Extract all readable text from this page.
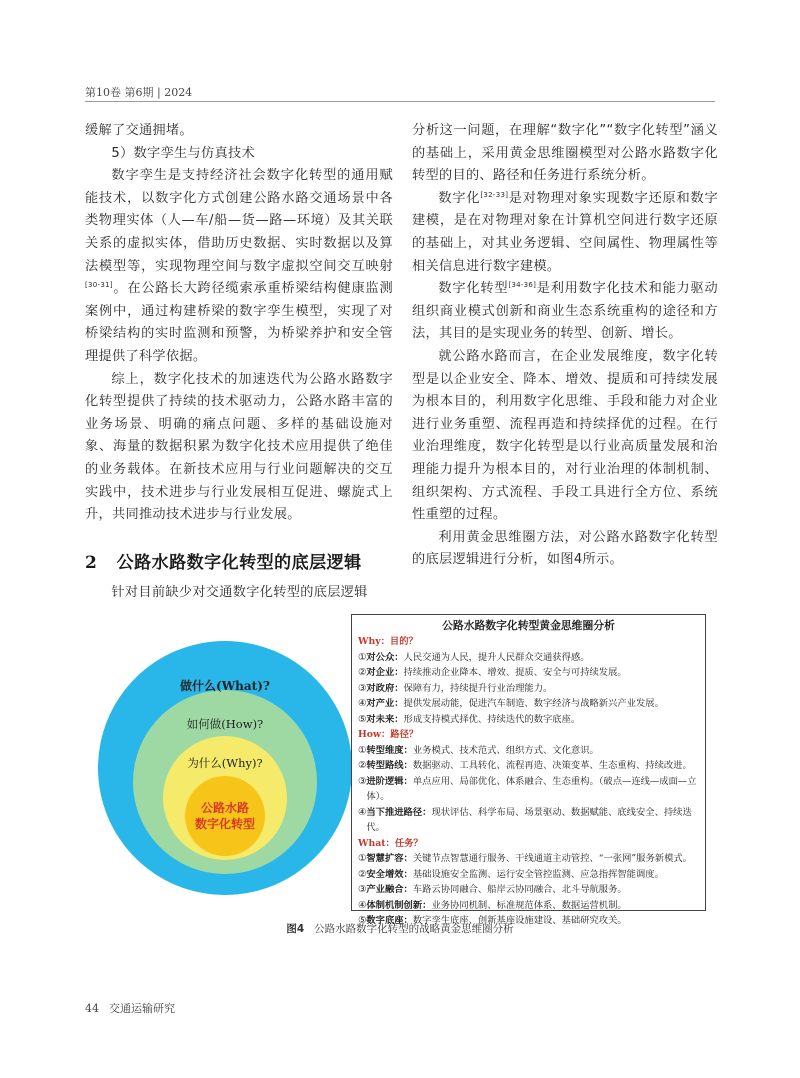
第10卷 第6期 | 2024

缓解了交通拥堵。

5）数字孪生与仿真技术

数字孪生是支持经济社会数字化转型的通用赋能技术，以数字化方式创建公路水路交通场景中各类物理实体（人—车/船—货—路—环境）及其关联关系的虚拟实体，借助历史数据、实时数据以及算法模型等，实现物理空间与数字虚拟空间交互映射[30-31]。在公路长大跨径缆索承重桥梁结构健康监测案例中，通过构建桥梁的数字孪生模型，实现了对桥梁结构的实时监测和预警，为桥梁养护和安全管理提供了科学依据。

综上，数字化技术的加速迭代为公路水路数字化转型提供了持续的技术驱动力，公路水路丰富的业务场景、明确的痛点问题、多样的基础设施对象、海量的数据积累为数字化技术应用提供了绝佳的业务载体。在新技术应用与行业问题解决的交互实践中，技术进步与行业发展相互促进、螺旋式上升，共同推动技术进步与行业发展。

2 公路水路数字化转型的底层逻辑
针对目前缺少对交通数字化转型的底层逻辑

分析这一问题，在理解“数字化”“数字化转型”涵义的基础上，采用黄金思维圈模型对公路水路数字化转型的目的、路径和任务进行系统分析。

数字化[32-33]是对物理对象实现数字还原和数字建模，是在对物理对象在计算机空间进行数字还原的基础上，对其业务逻辑、空间属性、物理属性等相关信息进行数字建模。

数字化转型[34-36]是利用数字化技术和能力驱动组织商业模式创新和商业生态系统重构的途径和方法，其目的是实现业务的转型、创新、增长。

就公路水路而言，在企业发展维度，数字化转型是以企业安全、降本、增效、提质和可持续发展为根本目的，利用数字化思维、手段和能力对企业进行业务重塑、流程再造和持续择优的过程。在行业治理维度，数字化转型是以行业高质量发展和治理能力提升为根本目的，对行业治理的体制机制、组织架构、方式流程、手段工具进行全方位、系统性重塑的过程。

利用黄金思维圈方法，对公路水路数字化转型的底层逻辑进行分析，如图4所示。

做什么(What)?
如何做(How)?
为什么(Why)?
公路水路
数字化转型
公路水路数字化转型黄金思维圈分析
Why：目的？
① 对公众：人民交通为人民，提升人民群众交通获得感。
② 对企业：持续推动企业降本、增效、提质、安全与可持续发展。
③ 对政府：保障有力，持续提升行业治理能力。
④ 对产业：提供发展动能，促进汽车制造、数字经济与战略新兴产业发展。
⑤ 对未来：形成支持模式择优、持续迭代的数字底座。
How：路径？
① 转型维度：业务模式、技术范式、组织方式、文化意识。
② 转型路线：数据驱动、工具转化、流程再造、决策变革、生态重构、持续改进。
③ 进阶逻辑：单点应用、局部优化、体系融合、生态重构。（破点—连线—成面—立体）。
④ 当下推进路径：现状评估、科学布局、场景驱动、数据赋能、底线安全、持续迭代。
What：任务？
① 智慧扩容：关键节点智慧通行服务、干线通道主动管控、“一张网”服务新模式。
② 安全增效：基础设施安全监测、运行安全管控监测、应急指挥智能调度。
③ 产业融合：车路云协同融合、船岸云协同融合、北斗导航服务。
④ 体制机制创新：业务协同机制、标准规范体系、数据运营机制。
⑤ 数字底座：数字孪生底座、创新基座设施建设、基础研究攻关。
图4 公路水路数字化转型的战略黄金思维圈分析
44 交通运输研究
